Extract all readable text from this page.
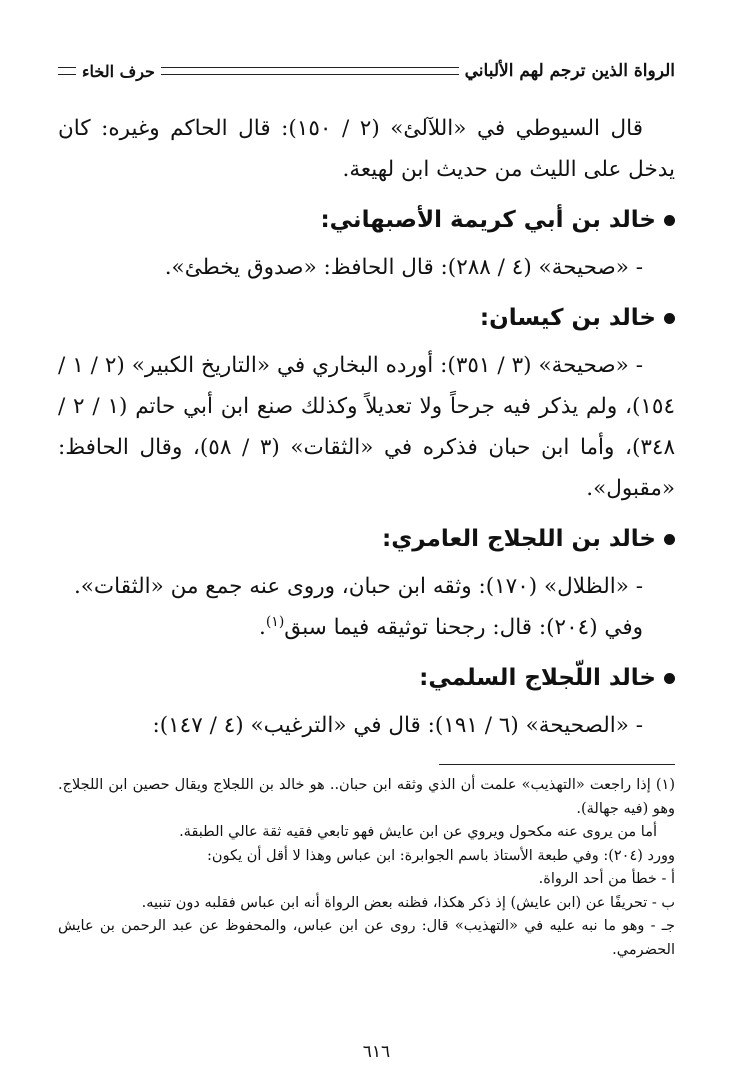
الرواة الذين ترجم لهم الألباني
حرف الخاء

قال السيوطي في «اللآلئ» (٢ / ١٥٠): قال الحاكم وغيره: كان يدخل على الليث من حديث ابن لهيعة.

خالد بن أبي كريمة الأصبهاني:

- «صحيحة» (٤ / ٢٨٨): قال الحافظ: «صدوق يخطئ».

خالد بن كيسان:

- «صحيحة» (٣ / ٣٥١): أورده البخاري في «التاريخ الكبير» (٢ / ١ / ١٥٤)، ولم يذكر فيه جرحاً ولا تعديلاً وكذلك صنع ابن أبي حاتم (١ / ٢ / ٣٤٨)، وأما ابن حبان فذكره في «الثقات» (٣ / ٥٨)، وقال الحافظ: «مقبول».

خالد بن اللجلاج العامري:

- «الظلال» (١٧٠): وثقه ابن حبان، وروى عنه جمع من «الثقات».

وفي (٢٠٤): قال: رجحنا توثيقه فيما سبق$^{(١)}$.

خالد اللّجلاج السلمي:

- «الصحيحة» (٦ / ١٩١): قال في «الترغيب» (٤ / ١٤٧):

(١) إذا راجعت «التهذيب» علمت أن الذي وثقه ابن حبان.. هو خالد بن اللجلاج ويقال حصين ابن اللجلاج. وهو (فيه جهالة).

أما من يروى عنه مكحول ويروي عن ابن عايش فهو تابعي فقيه ثقة عالي الطبقة.

وورد (٢٠٤): وفي طبعة الأستاذ باسم الجوابرة: ابن عباس وهذا لا أقل أن يكون:

أ - خطأ من أحد الرواة.

ب - تحريفًا عن (ابن عايش) إذ ذكر هكذا، فظنه بعض الرواة أنه ابن عباس فقلبه دون تنبيه.

جـ - وهو ما نبه عليه في «التهذيب» قال: روى عن ابن عباس، والمحفوظ عن عبد الرحمن بن عايش الحضرمي.

٦١٦
